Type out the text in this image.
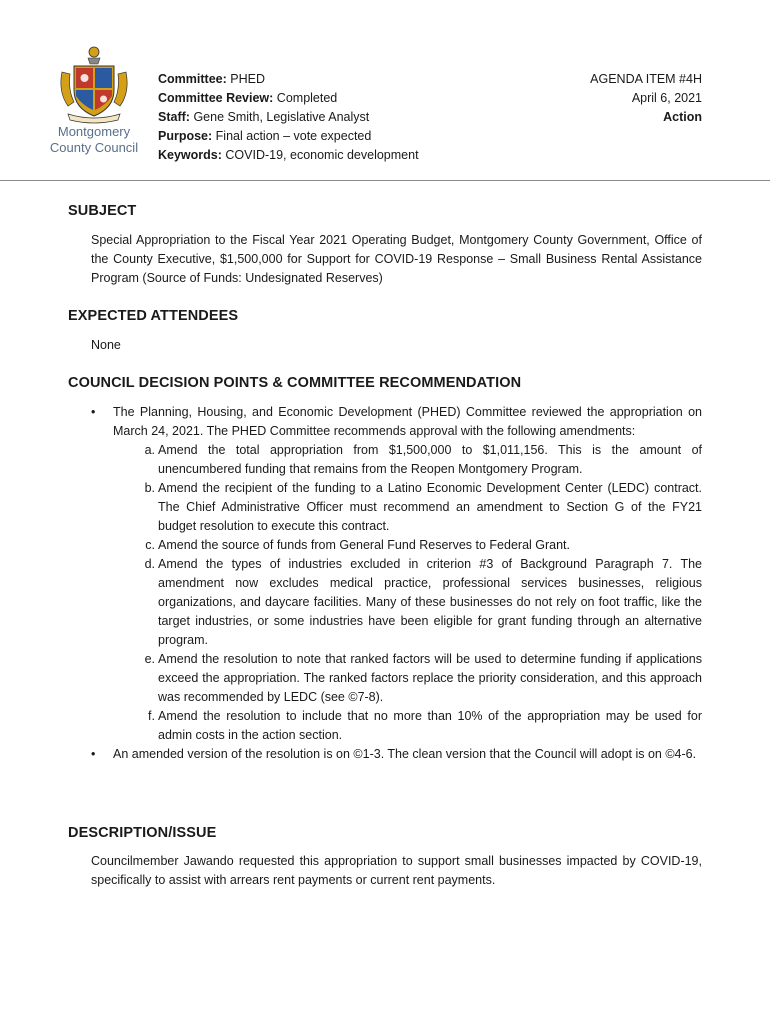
Montgomery
County Council
Committee: PHED
Committee Review: Completed
Staff: Gene Smith, Legislative Analyst
Purpose: Final action – vote expected
Keywords: COVID-19, economic development
AGENDA ITEM #4H
April 6, 2021
Action
SUBJECT
Special Appropriation to the Fiscal Year 2021 Operating Budget, Montgomery County Government, Office of the County Executive, $1,500,000 for Support for COVID-19 Response – Small Business Rental Assistance Program (Source of Funds: Undesignated Reserves)
EXPECTED ATTENDEES
None
COUNCIL DECISION POINTS & COMMITTEE RECOMMENDATION
• The Planning, Housing, and Economic Development (PHED) Committee reviewed the appropriation on March 24, 2021. The PHED Committee recommends approval with the following amendments:
a. Amend the total appropriation from $1,500,000 to $1,011,156. This is the amount of unencumbered funding that remains from the Reopen Montgomery Program.
b. Amend the recipient of the funding to a Latino Economic Development Center (LEDC) contract. The Chief Administrative Officer must recommend an amendment to Section G of the FY21 budget resolution to execute this contract.
c. Amend the source of funds from General Fund Reserves to Federal Grant.
d. Amend the types of industries excluded in criterion #3 of Background Paragraph 7. The amendment now excludes medical practice, professional services businesses, religious organizations, and daycare facilities. Many of these businesses do not rely on foot traffic, like the target industries, or some industries have been eligible for grant funding through an alternative program.
e. Amend the resolution to note that ranked factors will be used to determine funding if applications exceed the appropriation. The ranked factors replace the priority consideration, and this approach was recommended by LEDC (see ©7-8).
f. Amend the resolution to include that no more than 10% of the appropriation may be used for admin costs in the action section.
• An amended version of the resolution is on ©1-3. The clean version that the Council will adopt is on ©4-6.
DESCRIPTION/ISSUE
Councilmember Jawando requested this appropriation to support small businesses impacted by COVID-19, specifically to assist with arrears rent payments or current rent payments.
